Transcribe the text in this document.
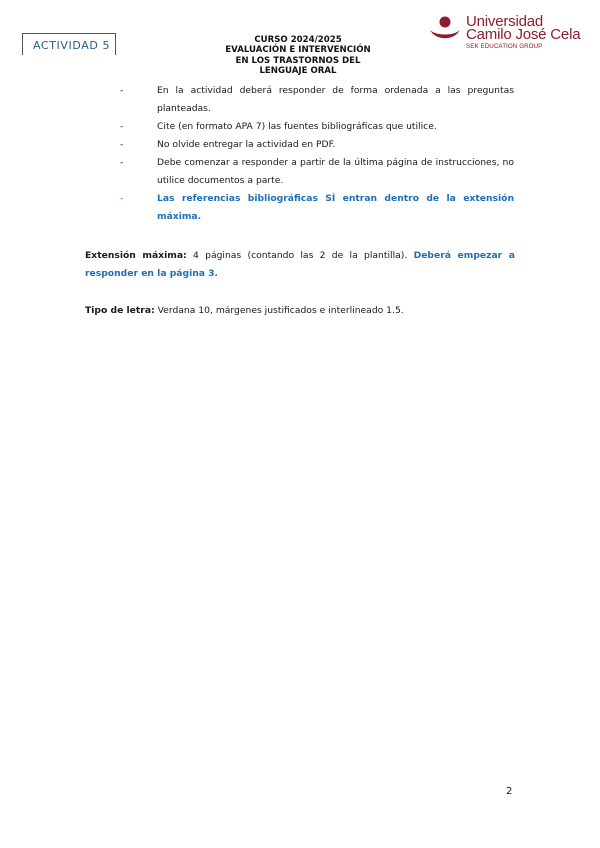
ACTIVIDAD 5	CURSO 2024/2025
EVALUACIÓN E INTERVENCIÓN
EN LOS TRASTORNOS DEL
LENGUAJE ORAL
Universidad
Camilo José Cela
SEK EDUCATION GROUP
-	En la actividad deberá responder de forma ordenada a las preguntas planteadas.
-	Cite (en formato APA 7) las fuentes bibliográficas que utilice.
-	No olvide entregar la actividad en PDF.
-	Debe comenzar a responder a partir de la última página de instrucciones, no utilice documentos a parte.
-	Las referencias bibliográficas SÍ entran dentro de la extensión máxima.
Extensión máxima: 4 páginas (contando las 2 de la plantilla). Deberá empezar a responder en la página 3.
Tipo de letra: Verdana 10, márgenes justificados e interlineado 1.5.
2
